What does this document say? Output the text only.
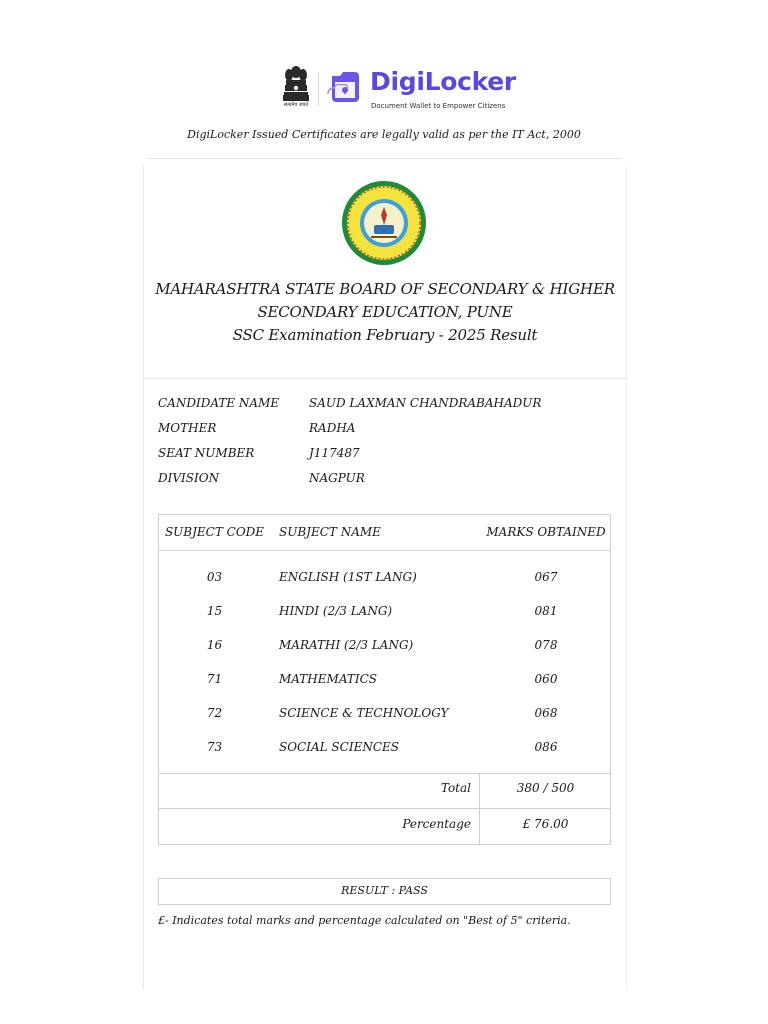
सत्यमेव जयते
DigiLocker
Document Wallet to Empower Citizens
DigiLocker Issued Certificates are legally valid as per the IT Act, 2000
MAHARASHTRA STATE BOARD OF SECONDARY & HIGHER
SECONDARY EDUCATION, PUNE
SSC Examination February - 2025 Result
CANDIDATE NAME	SAUD LAXMAN CHANDRABAHADUR
MOTHER	RADHA
SEAT NUMBER	J117487
DIVISION	NAGPUR
SUBJECT CODE	SUBJECT NAME	MARKS OBTAINED
03	ENGLISH (1ST LANG)	067
15	HINDI (2/3 LANG)	081
16	MARATHI (2/3 LANG)	078
71	MATHEMATICS	060
72	SCIENCE & TECHNOLOGY	068
73	SOCIAL SCIENCES	086
Total	380 / 500
Percentage	£ 76.00
RESULT : PASS
£- Indicates total marks and percentage calculated on "Best of 5" criteria.
